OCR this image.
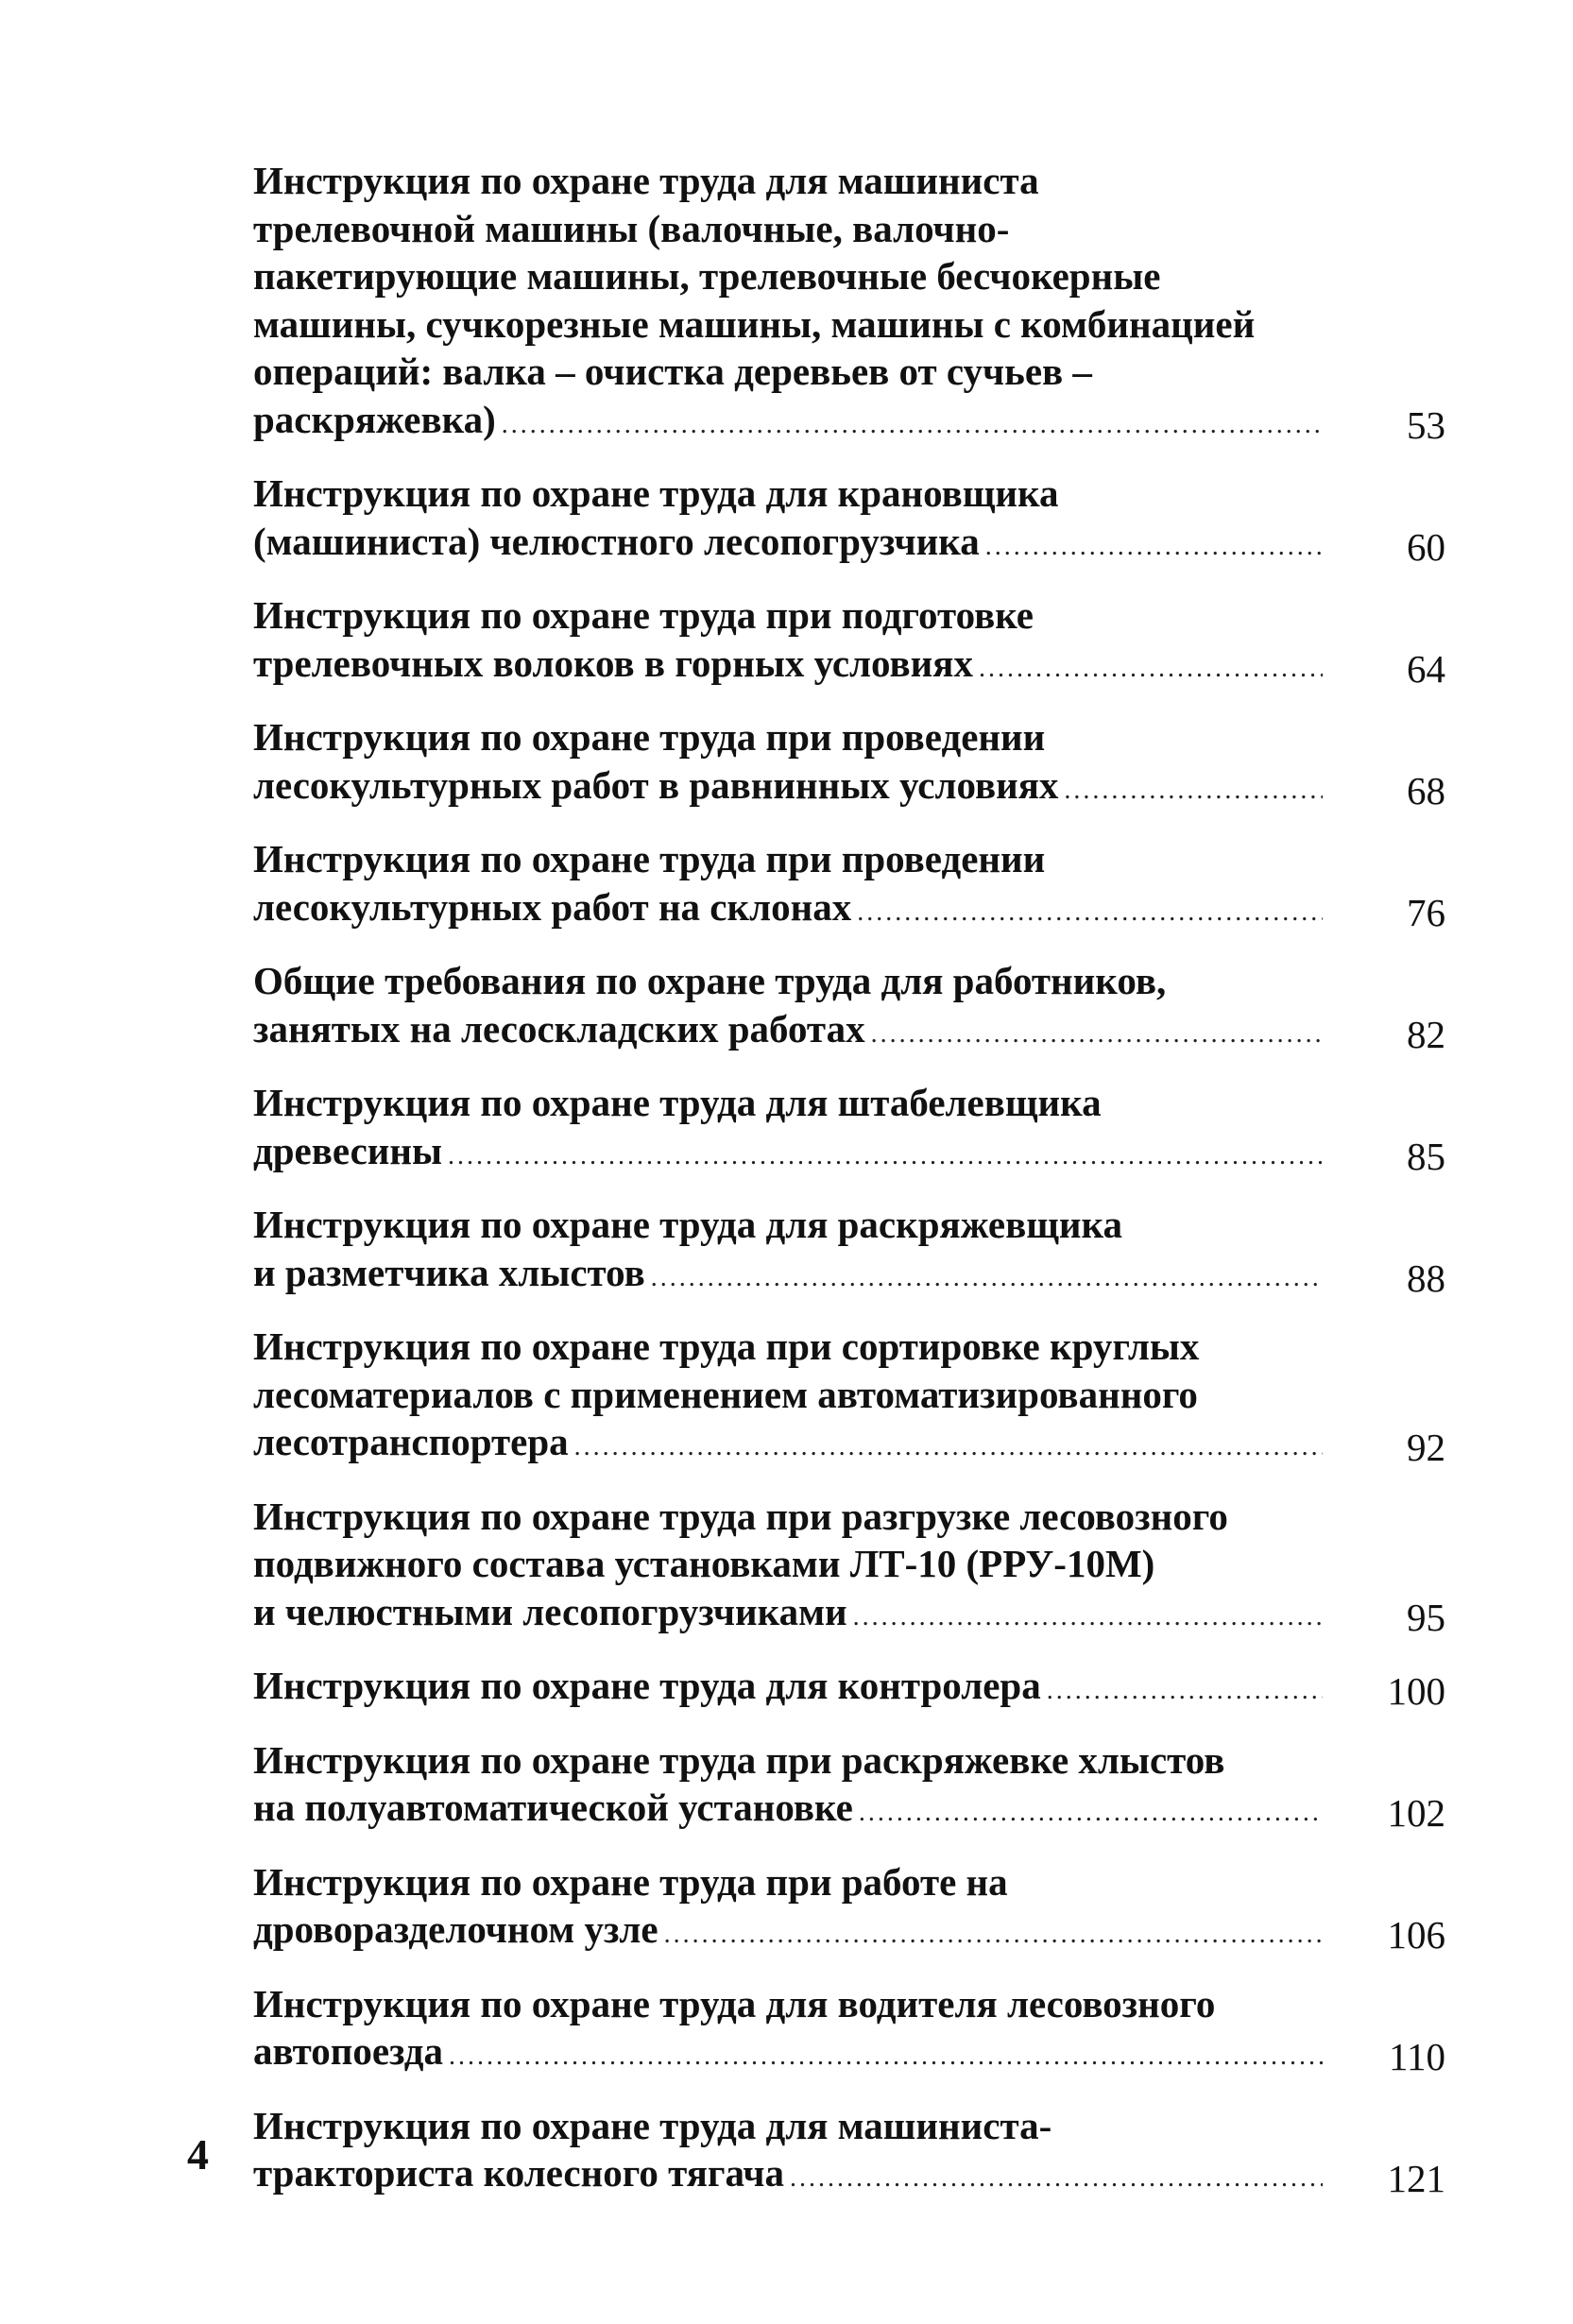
Инструкция по охране труда для машиниста
трелевочной машины (валочные, валочно-
пакетирующие машины, трелевочные бесчокерные
машины, сучкорезные машины, машины с комбинацией
операций: валка – очистка деревьев от сучьев –
раскряжевка) .....	53
Инструкция по охране труда для крановщика
(машиниста) челюстного лесопогрузчика .....	60
Инструкция по охране труда при подготовке
трелевочных волоков в горных условиях .....	64
Инструкция по охране труда при проведении
лесокультурных работ в равнинных условиях .....	68
Инструкция по охране труда при проведении
лесокультурных работ на склонах .....	76
Общие требования по охране труда для работников,
занятых на лесоскладских работах .....	82
Инструкция по охране труда для штабелевщика
древесины .....	85
Инструкция по охране труда для раскряжевщика
и разметчика хлыстов .....	88
Инструкция по охране труда при сортировке круглых
лесоматериалов с применением автоматизированного
лесотранспортера .....	92
Инструкция по охране труда при разгрузке лесовозного
подвижного состава установками ЛТ-10 (РРУ-10М)
и челюстными лесопогрузчиками .....	95
Инструкция по охране труда для контролера .....	100
Инструкция по охране труда при раскряжевке хлыстов
на полуавтоматической установке .....	102
Инструкция по охране труда при работе на
дроворазделочном узле .....	106
Инструкция по охране труда для водителя лесовозного
автопоезда .....	110
Инструкция по охране труда для машиниста-
тракториста колесного тягача .....	121
4
